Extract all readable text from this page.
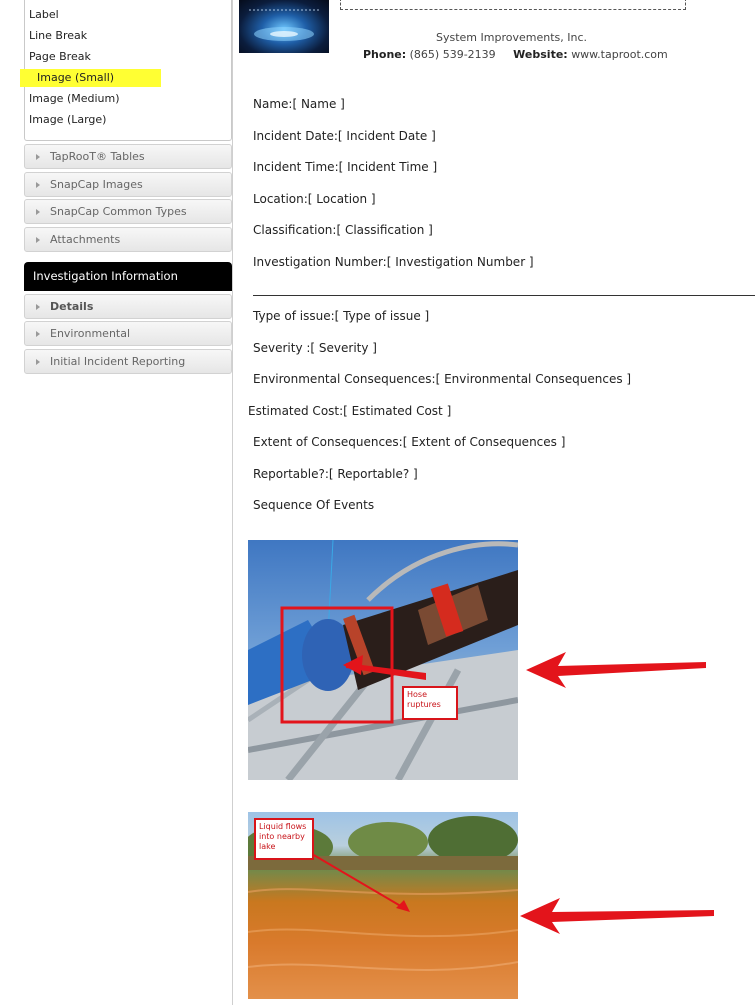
Label
Line Break
Page Break
Image (Small)
Image (Medium)
Image (Large)
TapRooT® Tables
SnapCap Images
SnapCap Common Types
Attachments
Investigation Information
Details
Environmental
Initial Incident Reporting
System Improvements, Inc.
Phone: (865) 539-2139 Website: www.taproot.com
Name:[ Name ]
Incident Date:[ Incident Date ]
Incident Time:[ Incident Time ]
Location:[ Location ]
Classification:[ Classification ]
Investigation Number:[ Investigation Number ]
Type of issue:[ Type of issue ]
Severity :[ Severity ]
Environmental Consequences:[ Environmental Consequences ]
Estimated Cost:[ Estimated Cost ]
Extent of Consequences:[ Extent of Consequences ]
Reportable?:[ Reportable? ]
Sequence Of Events
Hose ruptures
Liquid flows into nearby lake
